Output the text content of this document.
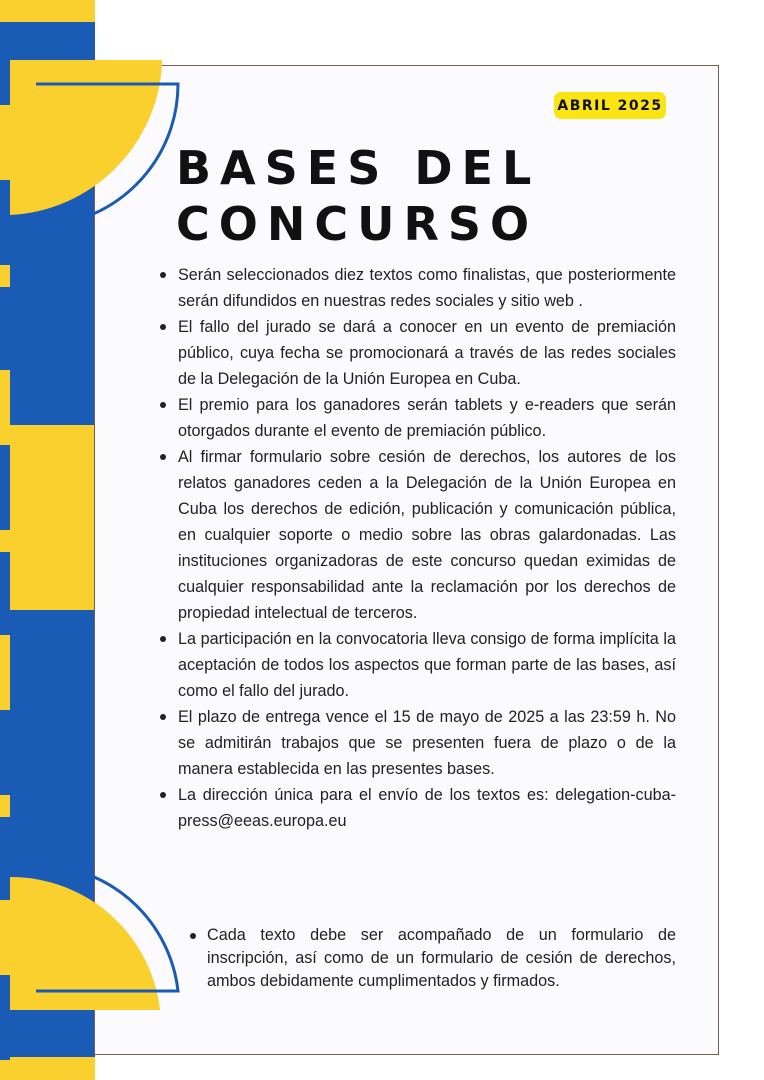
ABRIL 2025
BASES DEL
CONCURSO
Serán seleccionados diez textos como finalistas, que posteriormente serán difundidos en nuestras redes sociales y sitio web .
El fallo del jurado se dará a conocer en un evento de premiación público, cuya fecha se promocionará a través de las redes sociales de la Delegación de la Unión Europea en Cuba.
El premio para los ganadores serán tablets y e-readers que serán otorgados durante el evento de premiación público.
Al firmar formulario sobre cesión de derechos, los autores de los relatos ganadores ceden a la Delegación de la Unión Europea en Cuba los derechos de edición, publicación y comunicación pública, en cualquier soporte o medio sobre las obras galardonadas. Las instituciones organizadoras de este concurso quedan eximidas de cualquier responsabilidad ante la reclamación por los derechos de propiedad intelectual de terceros.
La participación en la convocatoria lleva consigo de forma implícita la aceptación de todos los aspectos que forman parte de las bases, así como el fallo del jurado.
El plazo de entrega vence el 15 de mayo de 2025 a las 23:59 h. No se admitirán trabajos que se presenten fuera de plazo o de la manera establecida en las presentes bases.
La dirección única para el envío de los textos es: delegation-cuba-press@eeas.europa.eu
Cada texto debe ser acompañado de un formulario de inscripción, así como de un formulario de cesión de derechos, ambos debidamente cumplimentados y firmados.
